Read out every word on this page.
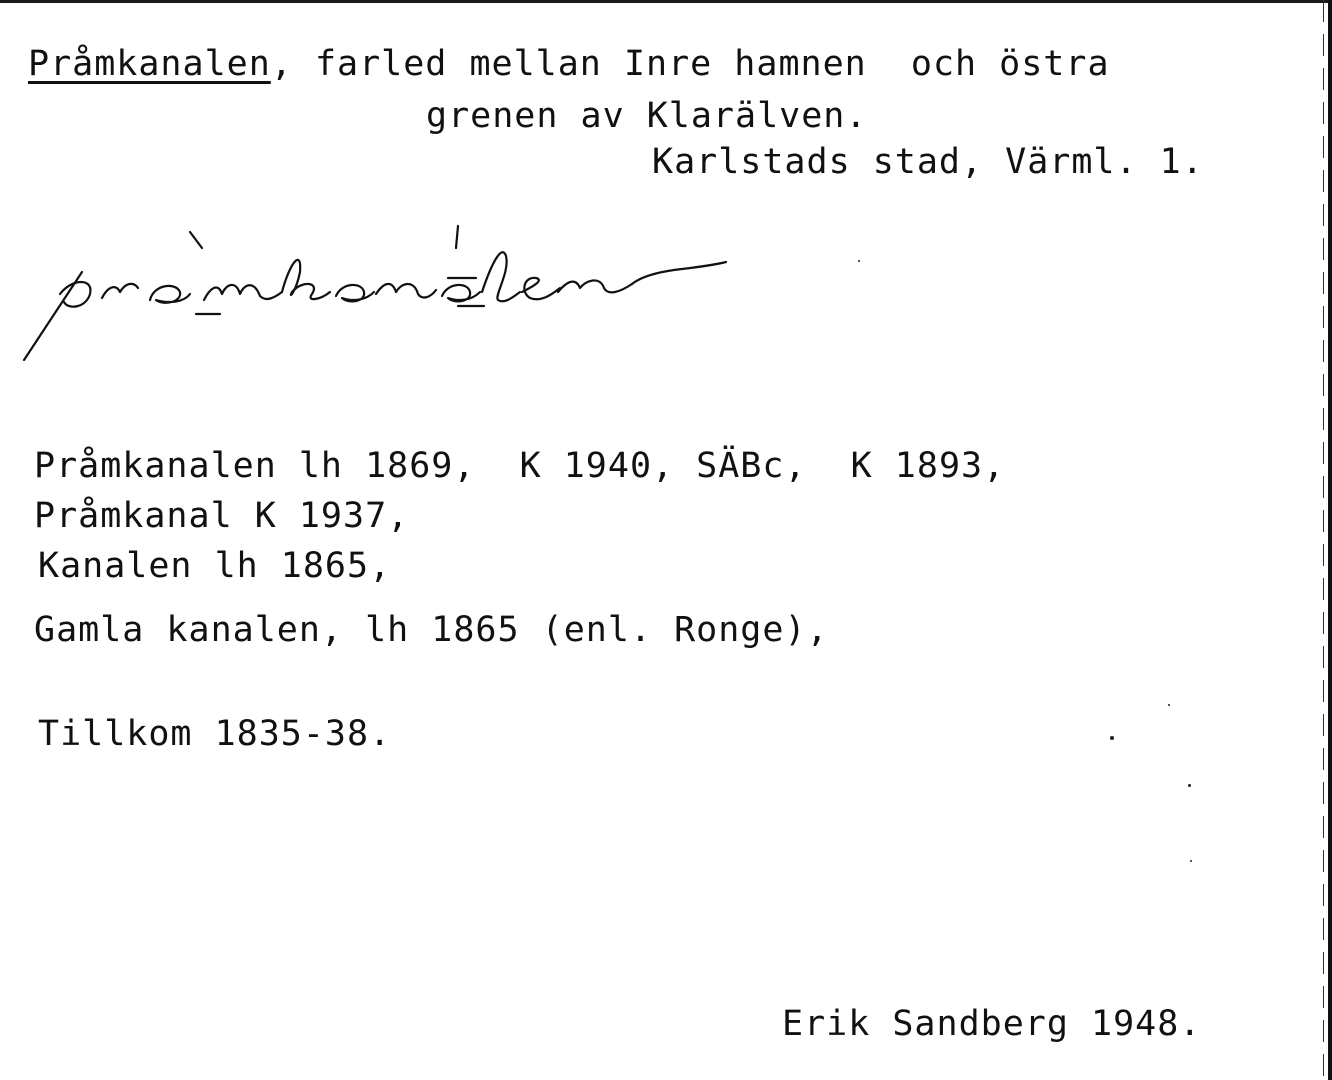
Pråmkanalen, farled mellan Inre hamnen  och östra
grenen av Klarälven.
Karlstads stad, Värml. 1.
Pråmkanalen lh 1869,  K 1940, SÄBc,  K 1893,
Pråmkanal K 1937,
Kanalen lh 1865,
Gamla kanalen, lh 1865 (enl. Ronge),
Tillkom 1835-38.
Erik Sandberg 1948.
